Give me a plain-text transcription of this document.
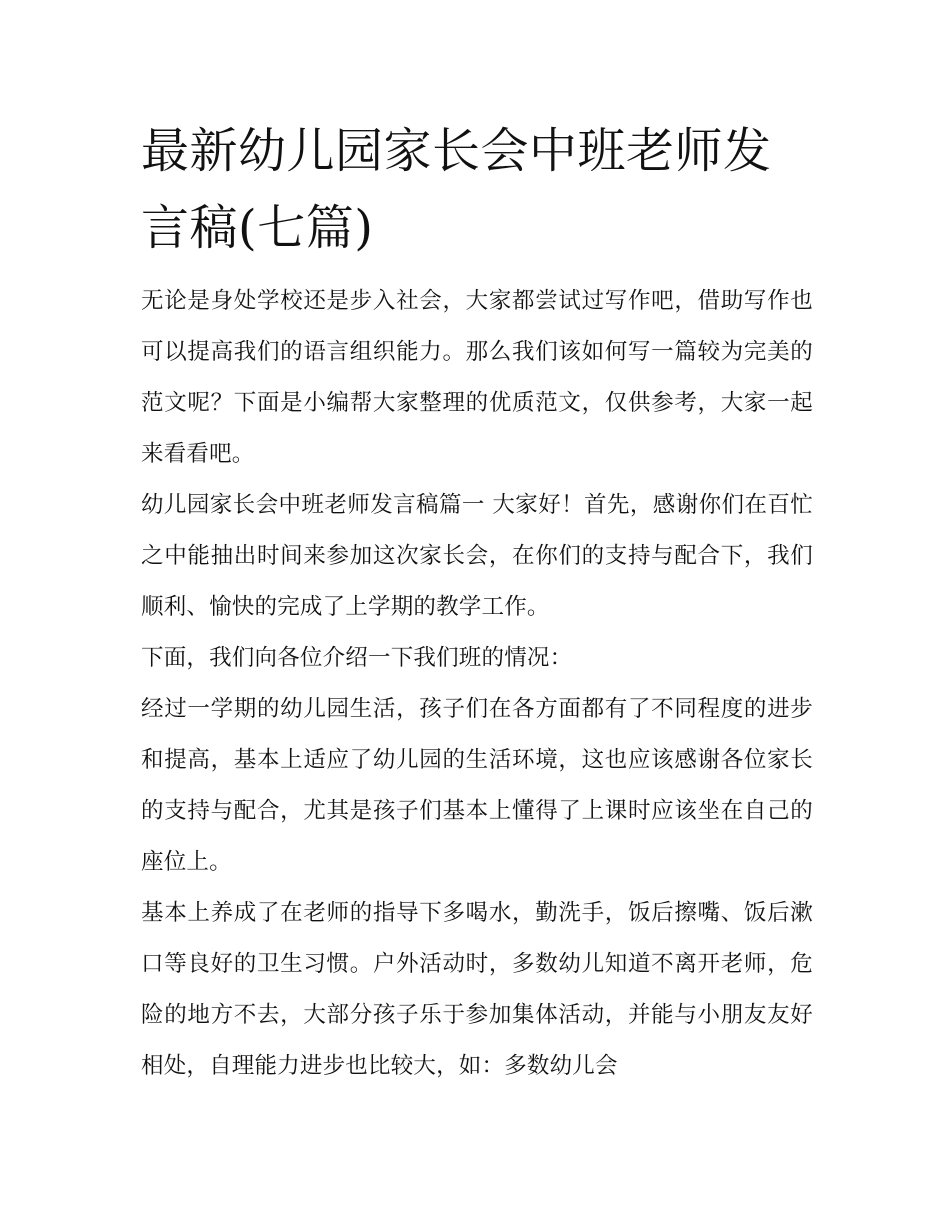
最新幼儿园家长会中班老师发言稿(七篇)

无论是身处学校还是步入社会，大家都尝试过写作吧，借助写作也可以提高我们的语言组织能力。那么我们该如何写一篇较为完美的范文呢？下面是小编帮大家整理的优质范文，仅供参考，大家一起来看看吧。

幼儿园家长会中班老师发言稿篇一 大家好！首先，感谢你们在百忙之中能抽出时间来参加这次家长会，在你们的支持与配合下，我们顺利、愉快的完成了上学期的教学工作。

下面，我们向各位介绍一下我们班的情况：

经过一学期的幼儿园生活，孩子们在各方面都有了不同程度的进步和提高，基本上适应了幼儿园的生活环境，这也应该感谢各位家长的支持与配合，尤其是孩子们基本上懂得了上课时应该坐在自己的座位上。

基本上养成了在老师的指导下多喝水，勤洗手，饭后擦嘴、饭后漱口等良好的卫生习惯。户外活动时，多数幼儿知道不离开老师，危险的地方不去，大部分孩子乐于参加集体活动，并能与小朋友友好相处，自理能力进步也比较大，如：多数幼儿会
